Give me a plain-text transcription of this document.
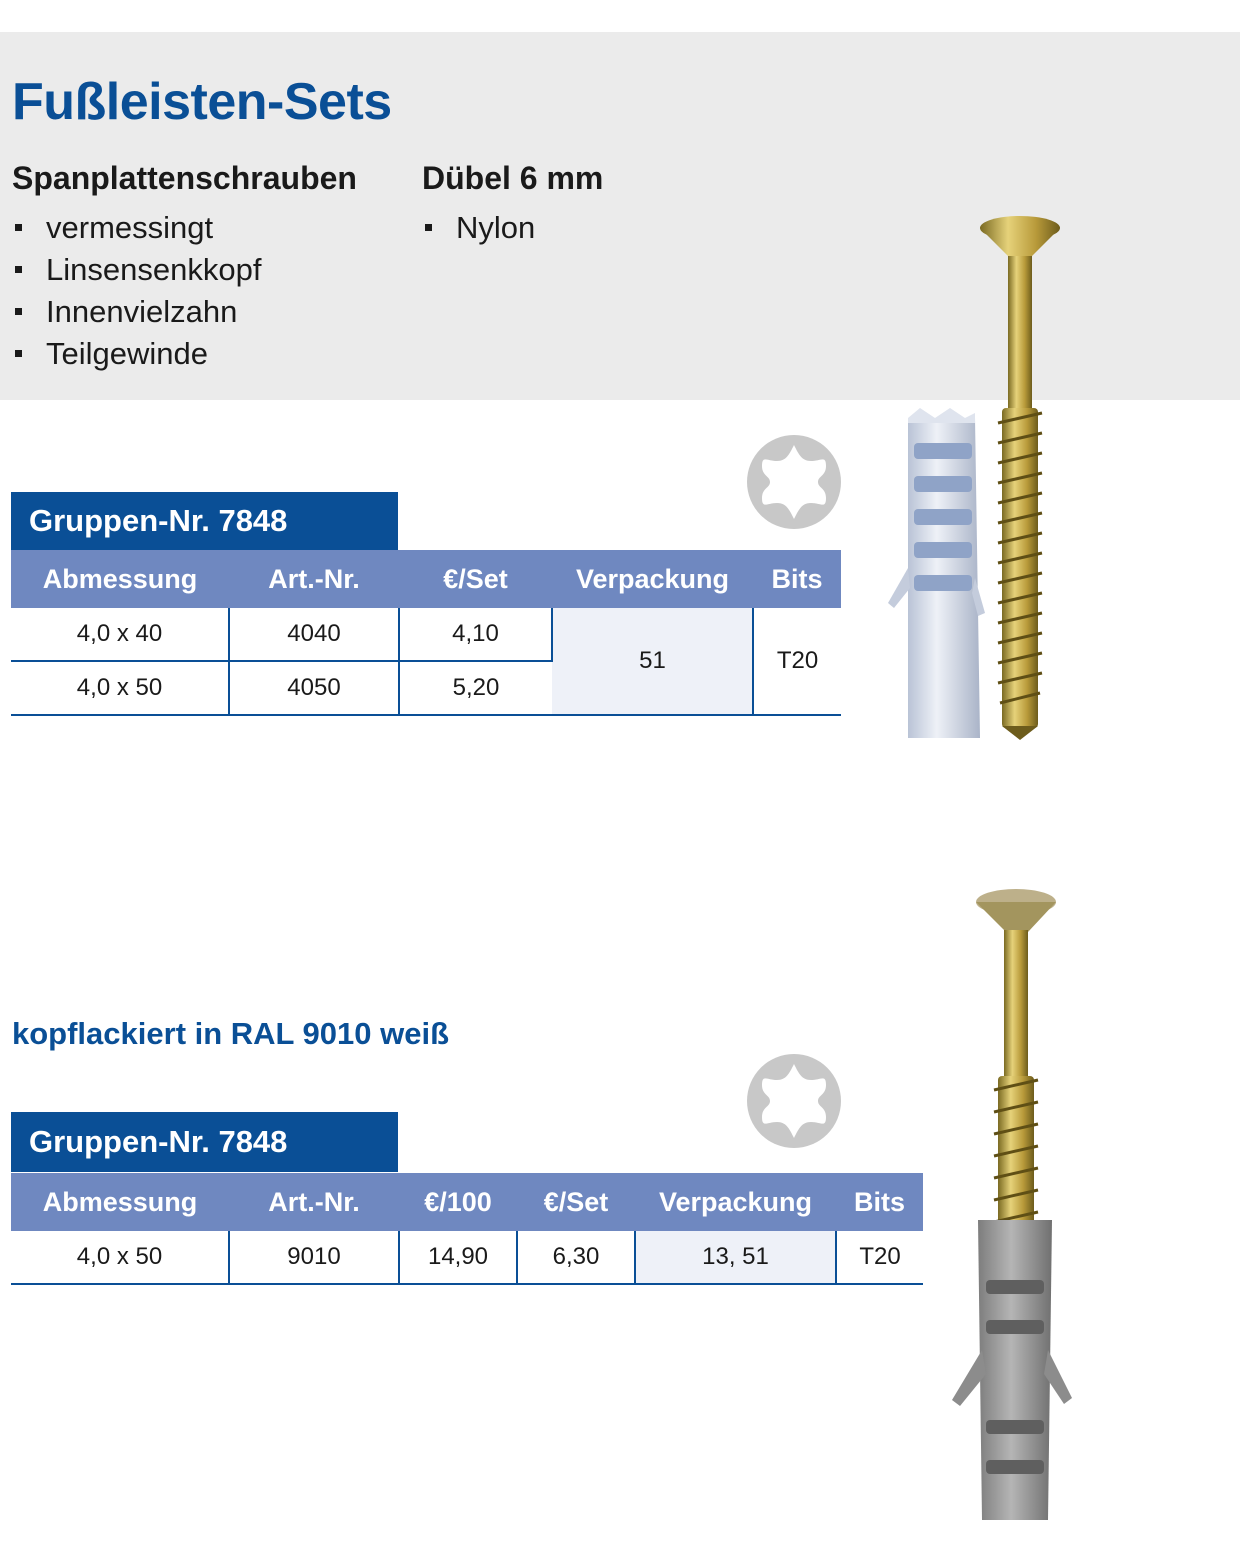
Fußleisten-Sets
Spanplattenschrauben
vermessingt
Linsensenkkopf
Innenvielzahn
Teilgewinde
Dübel 6 mm
Nylon
Gruppen-Nr. 7848
Abmessung	Art.-Nr.	€/Set	Verpackung	Bits
4,0 x 40	4040	4,10	51	T20
4,0 x 50	4050	5,20		
kopflackiert in RAL 9010 weiß
Gruppen-Nr. 7848
Abmessung	Art.-Nr.	€/100	€/Set	Verpackung	Bits
4,0 x 50	9010	14,90	6,30	13, 51	T20
